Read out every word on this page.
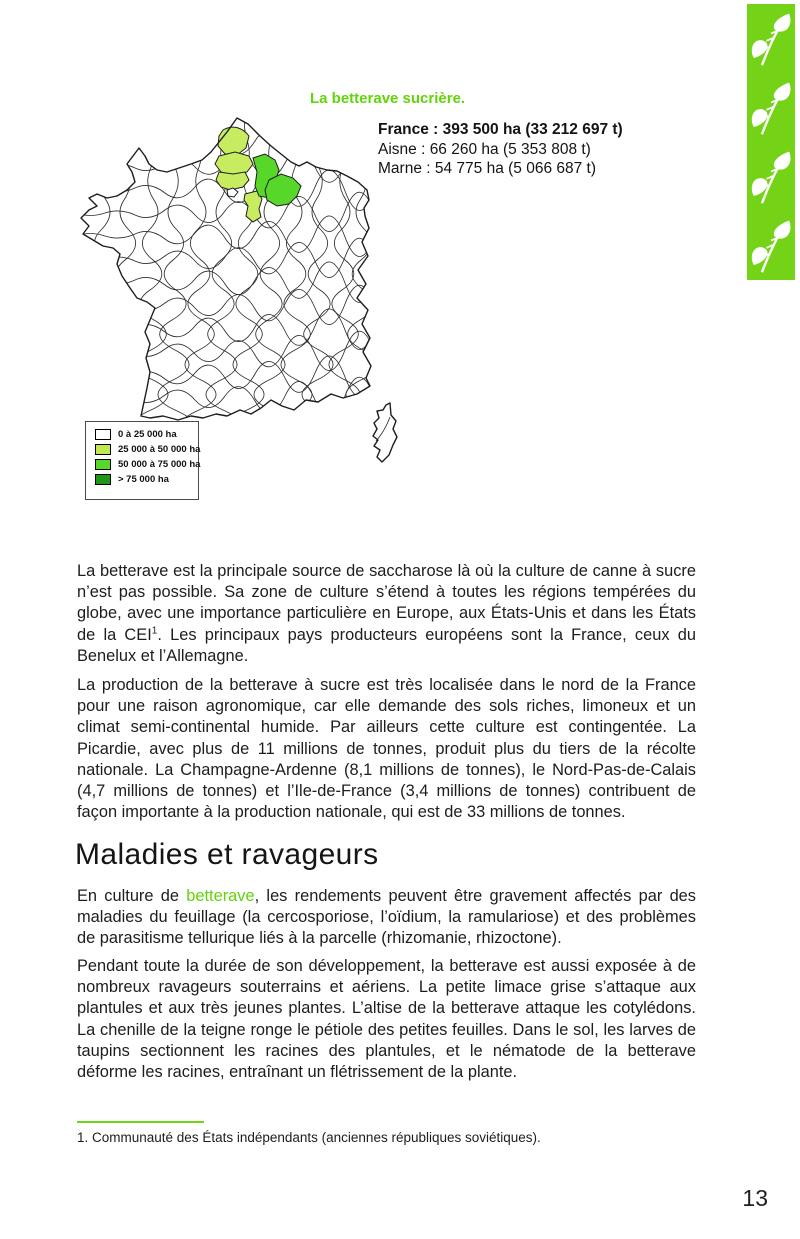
La betterave sucrière.
France : 393 500 ha (33 212 697 t)
Aisne : 66 260 ha (5 353 808 t)
Marne : 54 775 ha (5 066 687 t)
0 à 25 000 ha
25 000 à 50 000 ha
50 000 à 75 000 ha
> 75 000 ha

La betterave est la principale source de saccharose là où la culture de canne à sucre n’est pas possible. Sa zone de culture s’étend à toutes les régions tempérées du globe, avec une importance particulière en Europe, aux États-Unis et dans les États de la CEI$^1$. Les principaux pays producteurs européens sont la France, ceux du Benelux et l’Allemagne.

La production de la betterave à sucre est très localisée dans le nord de la France pour une raison agronomique, car elle demande des sols riches, limoneux et un climat semi-continental humide. Par ailleurs cette culture est contingentée. La Picardie, avec plus de 11 millions de tonnes, produit plus du tiers de la récolte nationale. La Champagne-Ardenne (8,1 millions de tonnes), le Nord-Pas-de-Calais (4,7 millions de tonnes) et l’Ile-de-France (3,4 millions de tonnes) contribuent de façon importante à la production nationale, qui est de 33 millions de tonnes.

Maladies et ravageurs

En culture de betterave, les rendements peuvent être gravement affectés par des maladies du feuillage (la cercosporiose, l’oïdium, la ramulariose) et des problèmes de parasitisme tellurique liés à la parcelle (rhizomanie, rhizoctone).

Pendant toute la durée de son développement, la betterave est aussi exposée à de nombreux ravageurs souterrains et aériens. La petite limace grise s’attaque aux plantules et aux très jeunes plantes. L’altise de la betterave attaque les cotylédons. La chenille de la teigne ronge le pétiole des petites feuilles. Dans le sol, les larves de taupins sectionnent les racines des plantules, et le nématode de la betterave déforme les racines, entraînant un flétrissement de la plante.

1. Communauté des États indépendants (anciennes républiques soviétiques).
13
